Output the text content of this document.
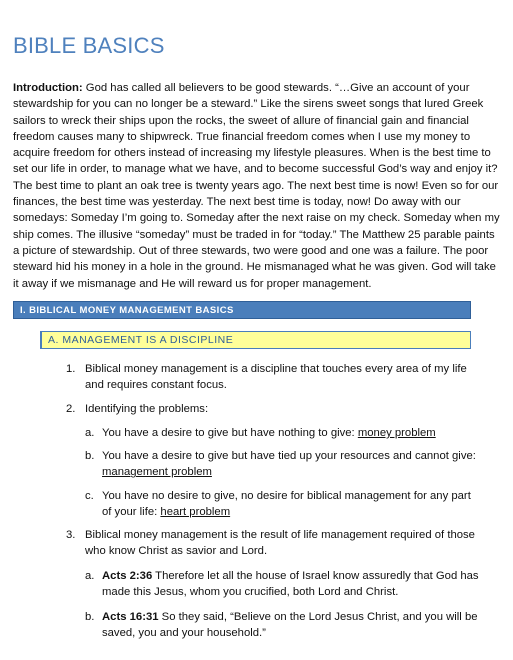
BIBLE BASICS
Introduction: God has called all believers to be good stewards. “…Give an account of your stewardship for you can no longer be a steward.” Like the sirens sweet songs that lured Greek sailors to wreck their ships upon the rocks, the sweet of allure of financial gain and financial freedom causes many to shipwreck. True financial freedom comes when I use my money to acquire freedom for others instead of increasing my lifestyle pleasures. When is the best time to set our life in order, to manage what we have, and to become successful God’s way and enjoy it? The best time to plant an oak tree is twenty years ago. The next best time is now! Even so for our finances, the best time was yesterday. The next best time is today, now! Do away with our somedays: Someday I’m going to. Someday after the next raise on my check. Someday when my ship comes. The illusive “someday” must be traded in for “today.” The Matthew 25 parable paints a picture of stewardship. Out of three stewards, two were good and one was a failure. The poor steward hid his money in a hole in the ground. He mismanaged what he was given. God will take it away if we mismanage and He will reward us for proper management.
I. BIBLICAL MONEY MANAGEMENT BASICS
A. MANAGEMENT IS A DISCIPLINE
1. Biblical money management is a discipline that touches every area of my life and requires constant focus.
2. Identifying the problems:
a. You have a desire to give but have nothing to give: money problem
b. You have a desire to give but have tied up your resources and cannot give: management problem
c. You have no desire to give, no desire for biblical management for any part of your life: heart problem
3. Biblical money management is the result of life management required of those who know Christ as savior and Lord.
a. Acts 2:36 Therefore let all the house of Israel know assuredly that God has made this Jesus, whom you crucified, both Lord and Christ.
b. Acts 16:31 So they said, “Believe on the Lord Jesus Christ, and you will be saved, you and your household.”
